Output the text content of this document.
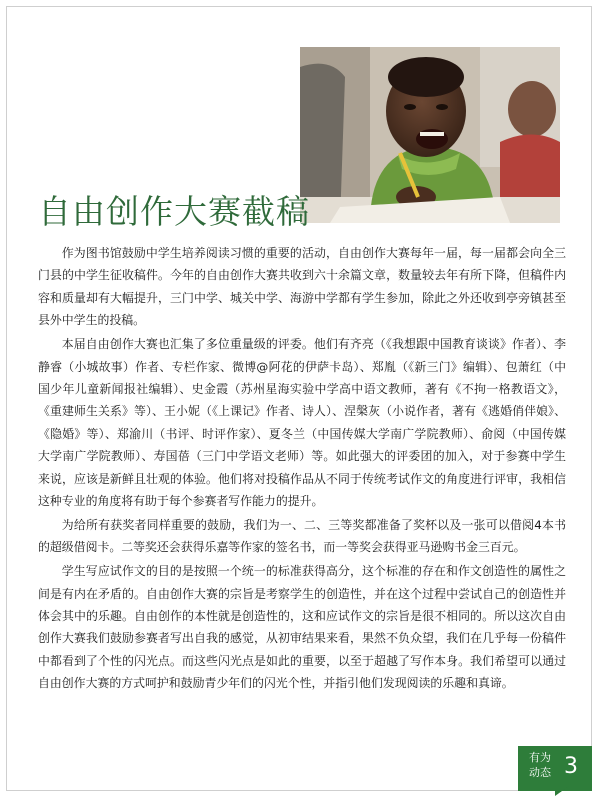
自由创作大赛截稿

作为图书馆鼓励中学生培养阅读习惯的重要的活动，自由创作大赛每年一届，每一届都会向全三门县的中学生征收稿件。今年的自由创作大赛共收到六十余篇文章，数量较去年有所下降，但稿件内容和质量却有大幅提升，三门中学、城关中学、海游中学都有学生参加，除此之外还收到亭旁镇甚至县外中学生的投稿。

本届自由创作大赛也汇集了多位重量级的评委。他们有齐亮（《我想跟中国教育谈谈》作者）、李静睿（小城故事）作者、专栏作家、微博@阿花的伊萨卡岛）、郑胤（《新三门》编辑）、包萧红（中国少年儿童新闻报社编辑）、史金霞（苏州星海实验中学高中语文教师，著有《不拘一格教语文》，《重建师生关系》等）、王小妮（《上课记》作者、诗人）、涅槃灰（小说作者，著有《逃婚俏伴娘》、《隐婚》等）、郑渝川（书评、时评作家）、夏冬兰（中国传媒大学南广学院教师）、俞阅（中国传媒大学南广学院教师）、寿国蓓（三门中学语文老师）等。如此强大的评委团的加入，对于参赛中学生来说，应该是新鲜且壮观的体验。他们将对投稿作品从不同于传统考试作文的角度进行评审，我相信这种专业的角度将有助于每个参赛者写作能力的提升。

为给所有获奖者同样重要的鼓励，我们为一、二、三等奖都准备了奖杯以及一张可以借阅4本书的超级借阅卡。二等奖还会获得乐嘉等作家的签名书，而一等奖会获得亚马逊购书金三百元。

学生写应试作文的目的是按照一个统一的标准获得高分，这个标准的存在和作文创造性的属性之间是有内在矛盾的。自由创作大赛的宗旨是考察学生的创造性，并在这个过程中尝试自己的创造性并体会其中的乐趣。自由创作的本性就是创造性的，这和应试作文的宗旨是很不相同的。所以这次自由创作大赛我们鼓励参赛者写出自我的感觉，从初审结果来看，果然不负众望，我们在几乎每一份稿件中都看到了个性的闪光点。而这些闪光点是如此的重要，以至于超越了写作本身。我们希望可以通过自由创作大赛的方式呵护和鼓励青少年们的闪光个性，并指引他们发现阅读的乐趣和真谛。

有为动态 3
